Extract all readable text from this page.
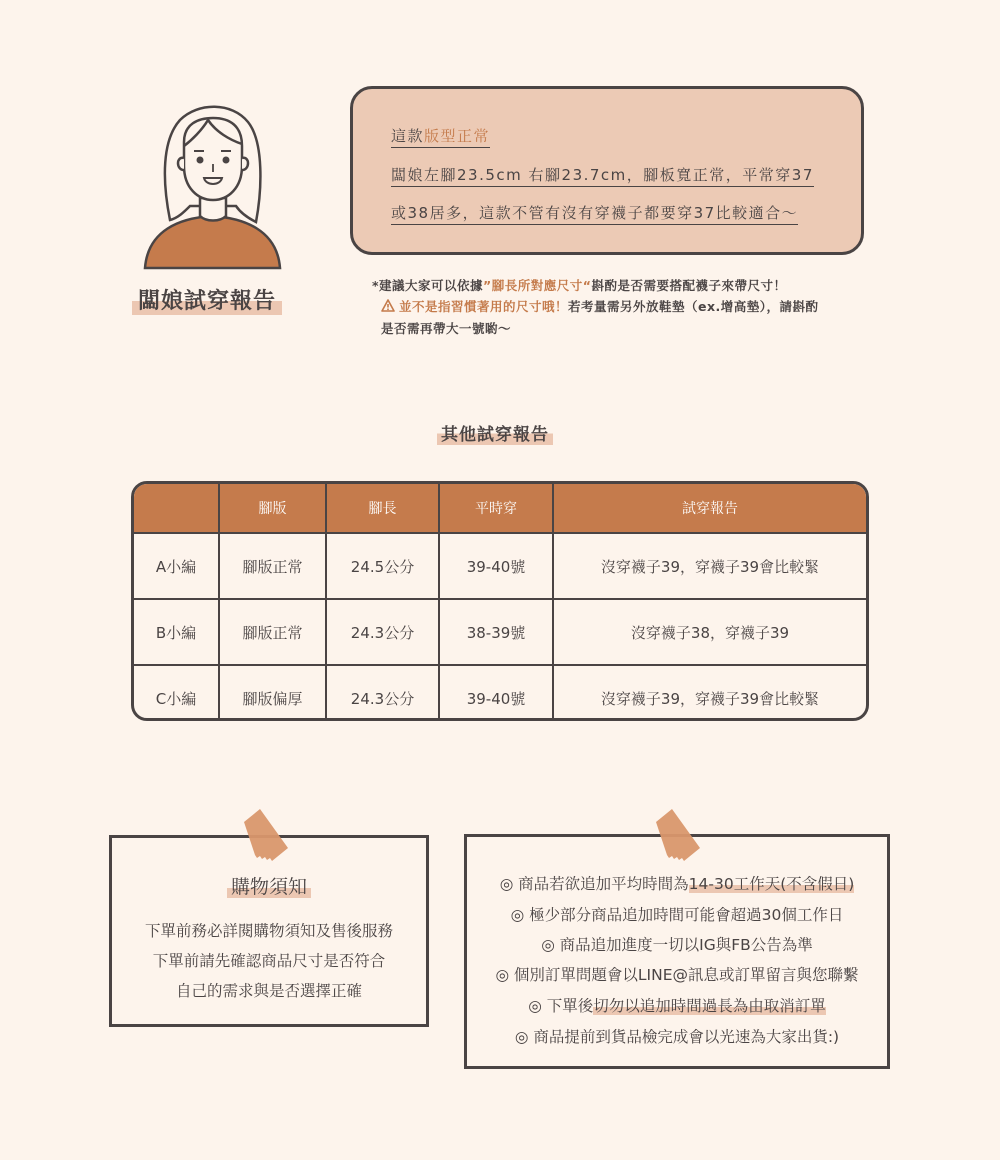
闆娘試穿報告
這款版型正常
闆娘左腳23.5cm 右腳23.7cm，腳板寬正常，平常穿37
或38居多，這款不管有沒有穿襪子都要穿37比較適合～
*建議大家可以依據”腳長所對應尺寸“斟酌是否需要搭配襪子來帶尺寸！
並不是指習慣著用的尺寸哦！若考量需另外放鞋墊（ex.增高墊），請斟酌
是否需再帶大一號喲～
其他試穿報告
	腳版	腳長	平時穿	試穿報告
A小編	腳版正常	24.5公分	39-40號	沒穿襪子39，穿襪子39會比較緊
B小編	腳版正常	24.3公分	38-39號	沒穿襪子38，穿襪子39
C小編	腳版偏厚	24.3公分	39-40號	沒穿襪子39，穿襪子39會比較緊
購物須知
下單前務必詳閱購物須知及售後服務
下單前請先確認商品尺寸是否符合
自己的需求與是否選擇正確
◎ 商品若欲追加平均時間為14-30工作天(不含假日)
◎ 極少部分商品追加時間可能會超過30個工作日
◎ 商品追加進度一切以IG與FB公告為準
◎ 個別訂單問題會以LINE@訊息或訂單留言與您聯繫
◎ 下單後切勿以追加時間過長為由取消訂單
◎ 商品提前到貨品檢完成會以光速為大家出貨:)
